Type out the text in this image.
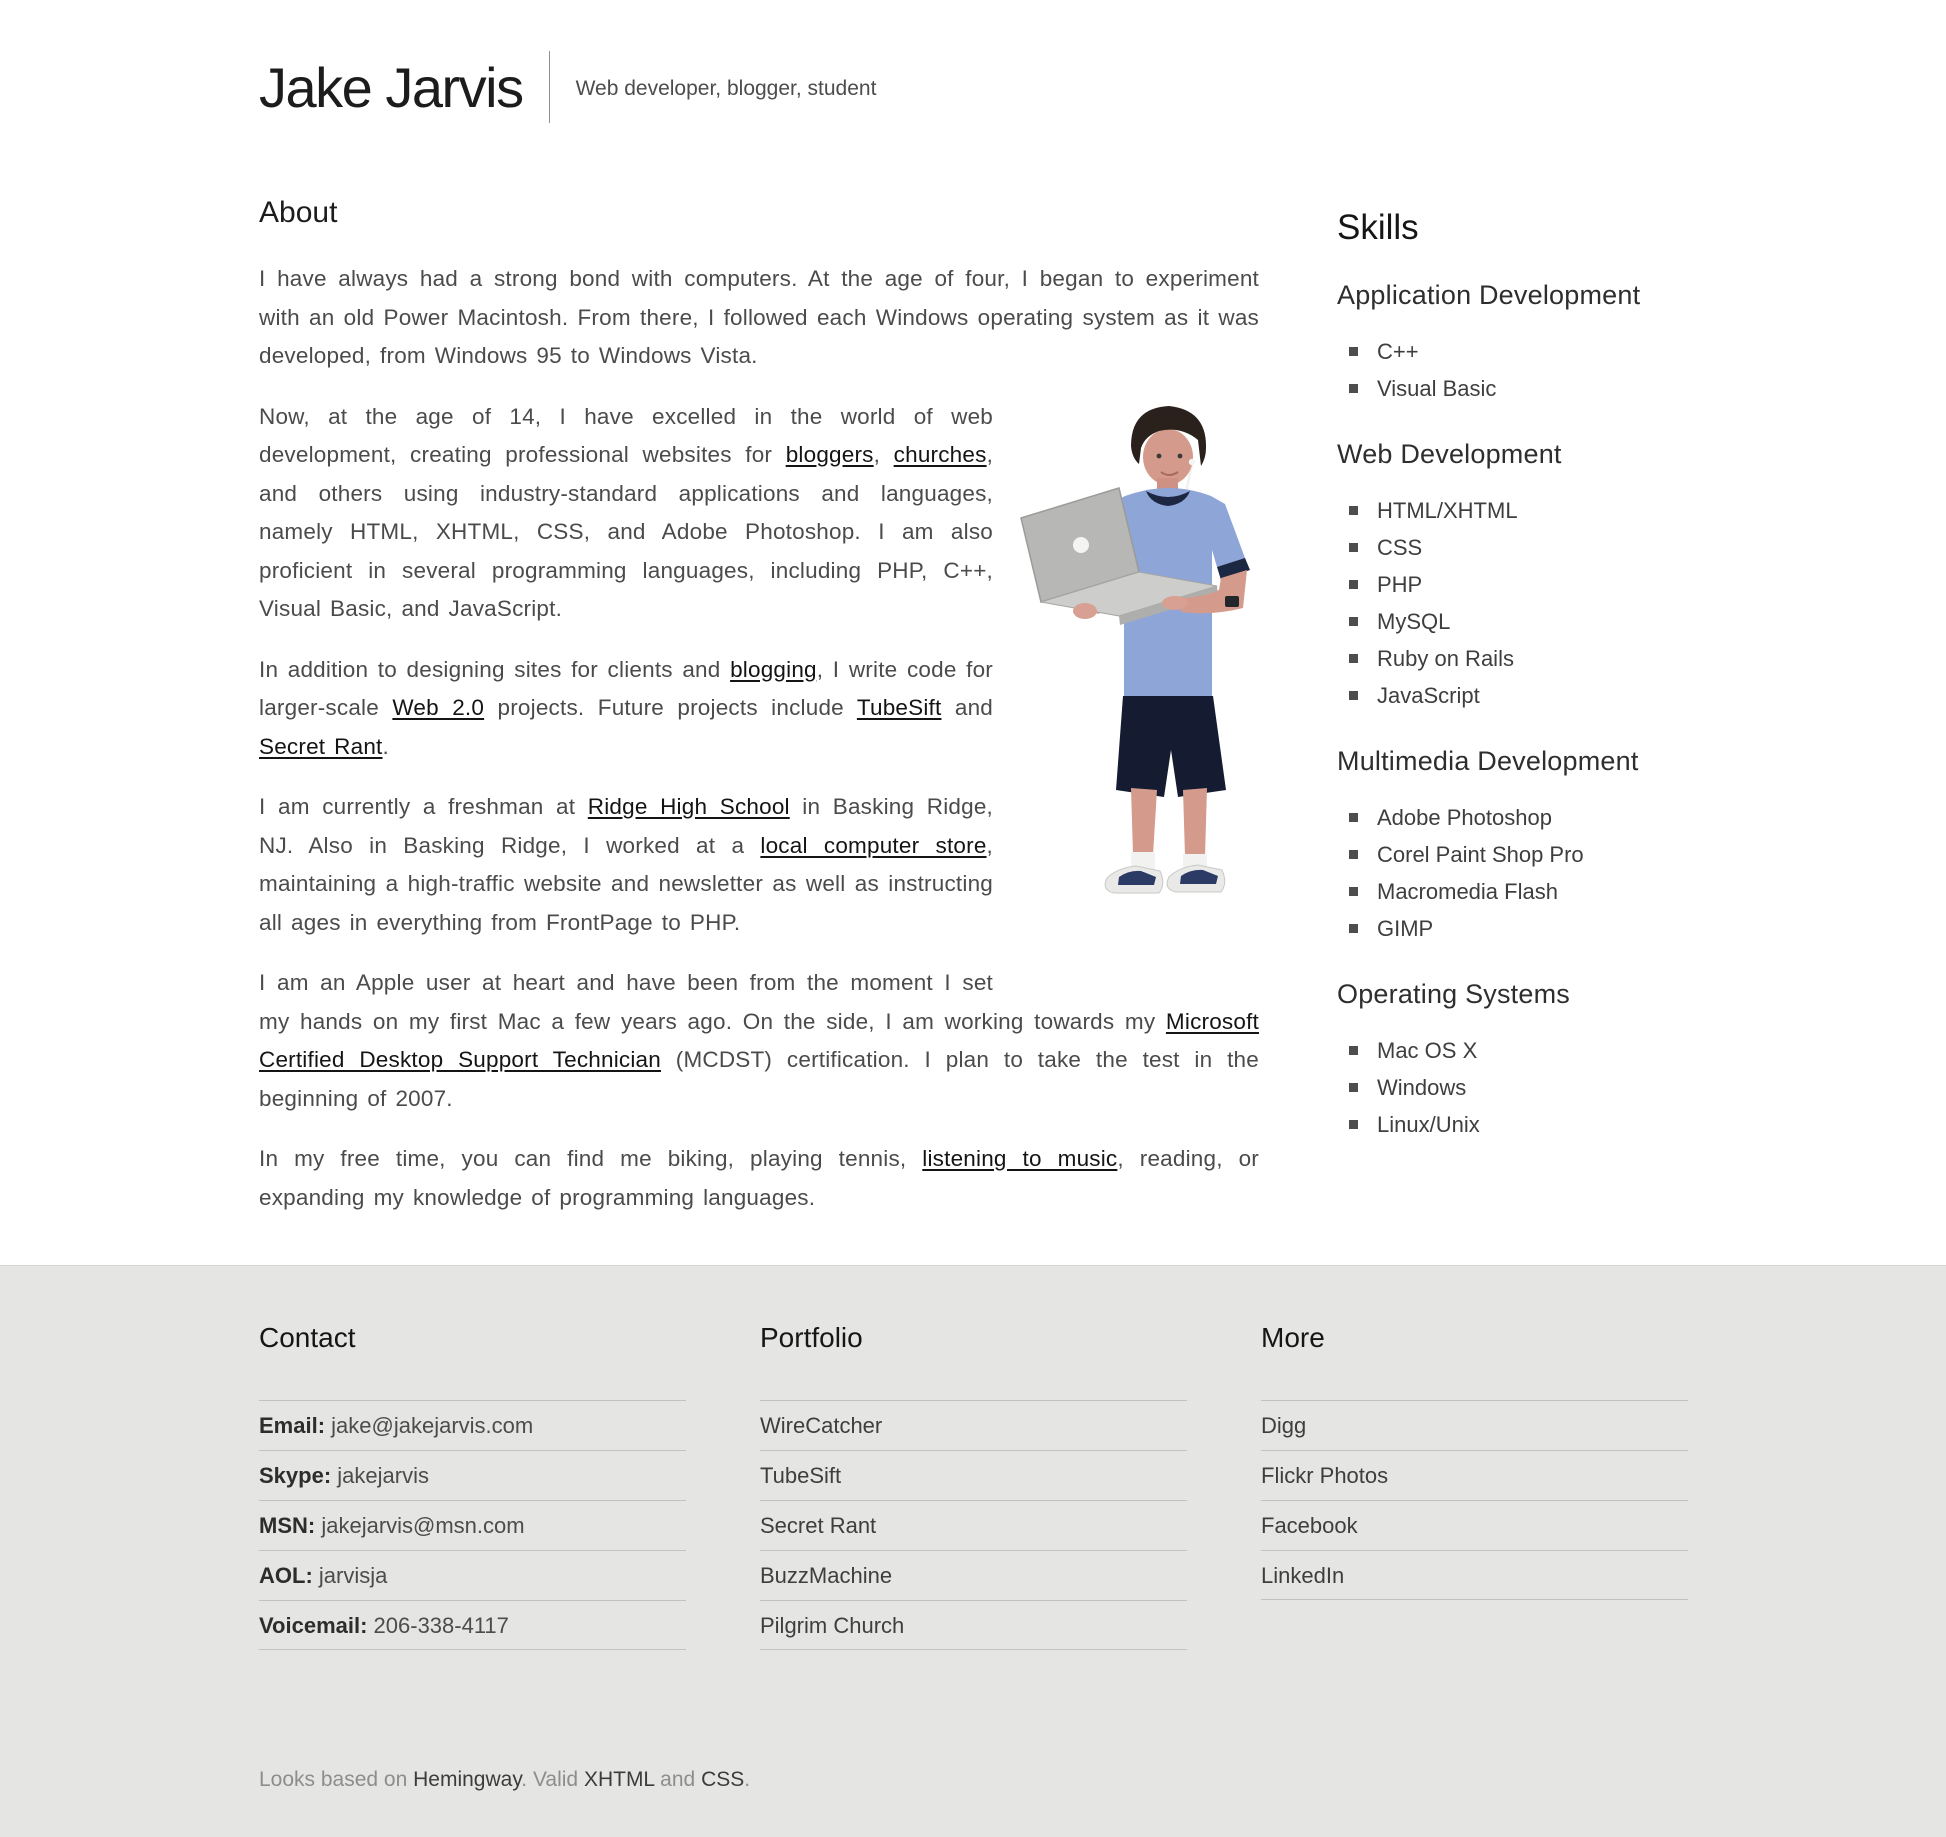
Jake Jarvis	Web developer, blogger, student
About

I have always had a strong bond with computers. At the age of four, I began to experiment with an old Power Macintosh. From there, I followed each Windows operating system as it was developed, from Windows 95 to Windows Vista.

Now, at the age of 14, I have excelled in the world of web development, creating professional websites for bloggers, churches, and others using industry-standard applications and languages, namely HTML, XHTML, CSS, and Adobe Photoshop. I am also proficient in several programming languages, including PHP, C++, Visual Basic, and JavaScript.

In addition to designing sites for clients and blogging, I write code for larger-scale Web 2.0 projects. Future projects include TubeSift and Secret Rant.

I am currently a freshman at Ridge High School in Basking Ridge, NJ. Also in Basking Ridge, I worked at a local computer store, maintaining a high-traffic website and newsletter as well as instructing all ages in everything from FrontPage to PHP.

I am an Apple user at heart and have been from the moment I set my hands on my first Mac a few years ago. On the side, I am working towards my Microsoft Certified Desktop Support Technician (MCDST) certification. I plan to take the test in the beginning of 2007.

In my free time, you can find me biking, playing tennis, listening to music, reading, or expanding my knowledge of programming languages.

Skills
Application Development
C++
Visual Basic
Web Development
HTML/XHTML
CSS
PHP
MySQL
Ruby on Rails
JavaScript
Multimedia Development
Adobe Photoshop
Corel Paint Shop Pro
Macromedia Flash
GIMP
Operating Systems
Mac OS X
Windows
Linux/Unix
Contact
Email: jake@jakejarvis.com
Skype: jakejarvis
MSN: jakejarvis@msn.com
AOL: jarvisja
Voicemail: 206-338-4117
Portfolio
WireCatcher
TubeSift
Secret Rant
BuzzMachine
Pilgrim Church
More
Digg
Flickr Photos
Facebook
LinkedIn

Looks based on Hemingway. Valid XHTML and CSS.
